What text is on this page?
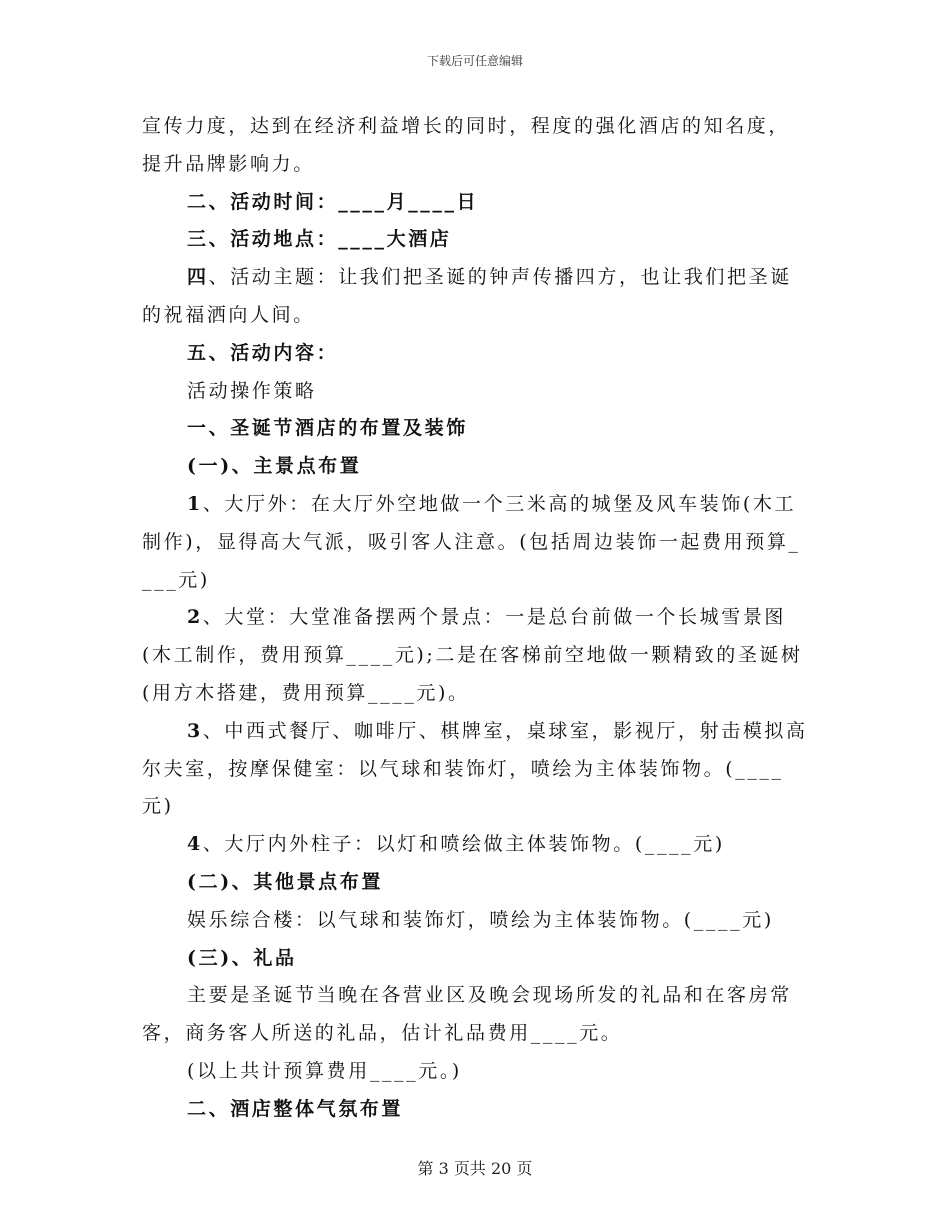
下载后可任意编辑
宣传力度，达到在经济利益增长的同时，程度的强化酒店的知名度，
提升品牌影响力。
二、活动时间：____月____日
三、活动地点：____大酒店
四、活动主题：让我们把圣诞的钟声传播四方，也让我们把圣诞
的祝福洒向人间。
五、活动内容：
活动操作策略
一、圣诞节酒店的布置及装饰
(一)、主景点布置
1、大厅外：在大厅外空地做一个三米高的城堡及风车装饰(木工
制作)，显得高大气派，吸引客人注意。(包括周边装饰一起费用预算_
___元)
2、大堂：大堂准备摆两个景点：一是总台前做一个长城雪景图
(木工制作，费用预算____元);二是在客梯前空地做一颗精致的圣诞树
(用方木搭建，费用预算____元)。
3、中西式餐厅、咖啡厅、棋牌室，桌球室，影视厅，射击模拟高
尔夫室，按摩保健室：以气球和装饰灯，喷绘为主体装饰物。(____
元)
4、大厅内外柱子：以灯和喷绘做主体装饰物。(____元)
(二)、其他景点布置
娱乐综合楼：以气球和装饰灯，喷绘为主体装饰物。(____元)
(三)、礼品
主要是圣诞节当晚在各营业区及晚会现场所发的礼品和在客房常
客，商务客人所送的礼品，估计礼品费用____元。
(以上共计预算费用____元。)
二、酒店整体气氛布置
第 3 页共 20 页
